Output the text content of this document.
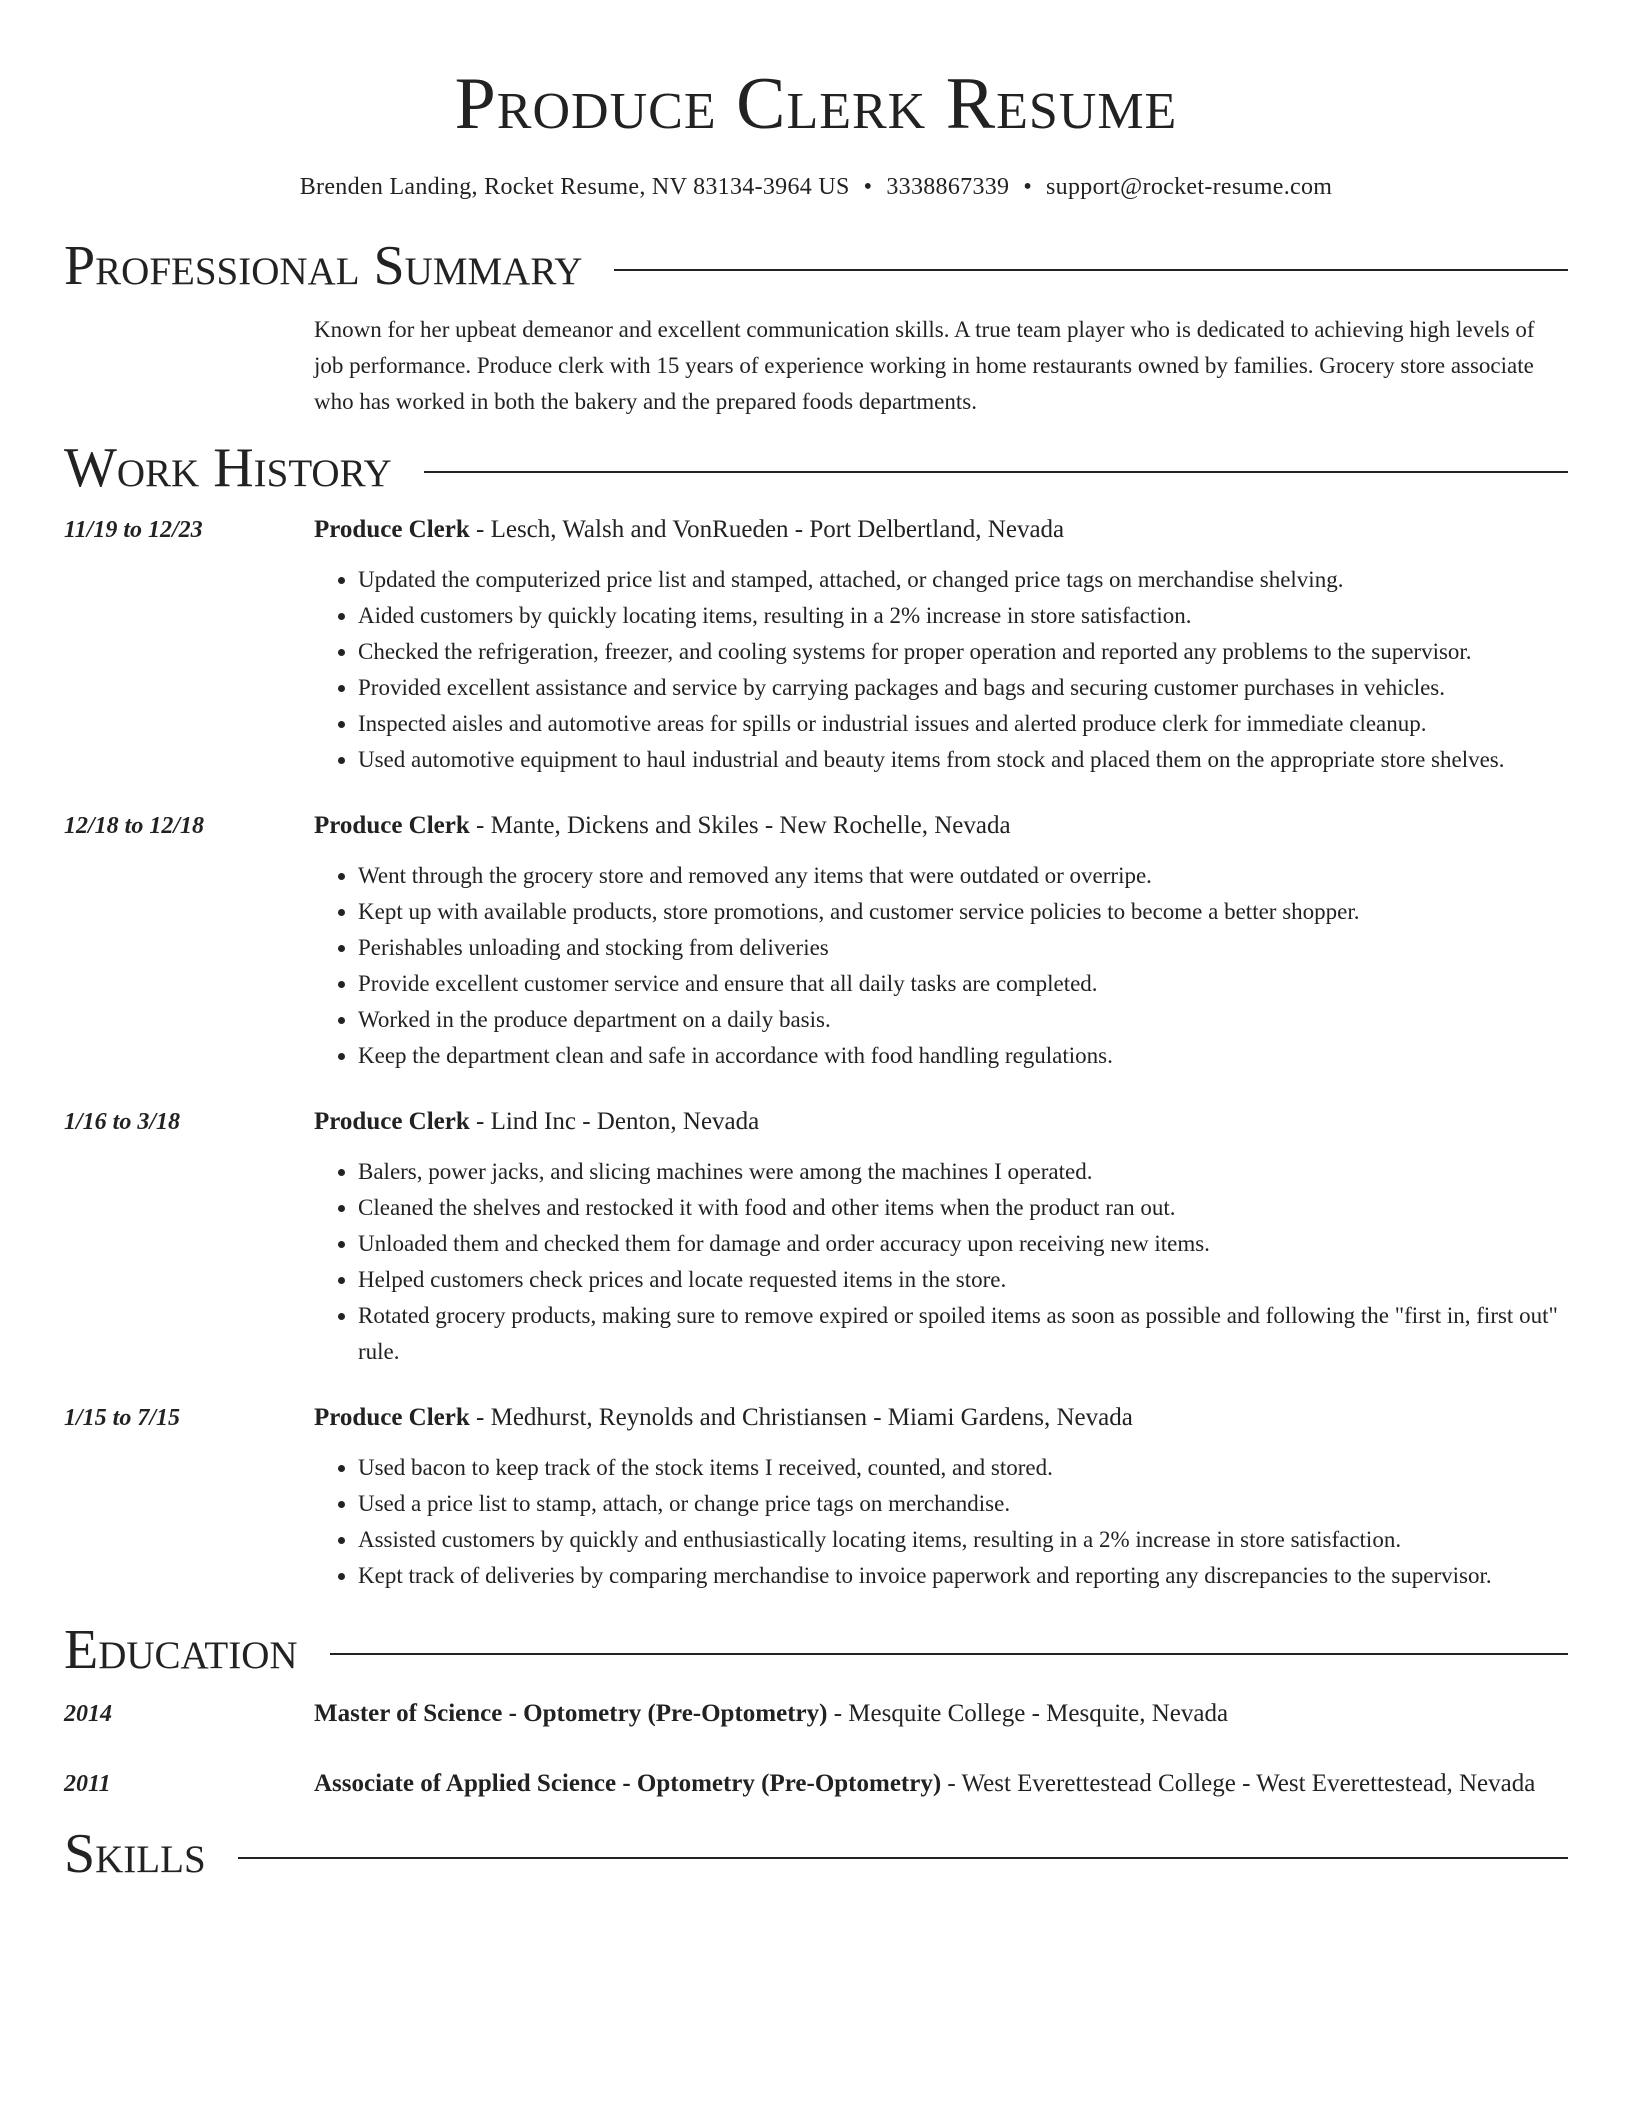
Produce Clerk Resume
Brenden Landing, Rocket Resume, NV 83134-3964 US • 3338867339 • support@rocket-resume.com
Professional Summary

Known for her upbeat demeanor and excellent communication skills. A true team player who is dedicated to achieving high levels of job performance. Produce clerk with 15 years of experience working in home restaurants owned by families. Grocery store associate who has worked in both the bakery and the prepared foods departments.

Work History
11/19 to 12/23	Produce Clerk - Lesch, Walsh and VonRueden - Port Delbertland, Nevada
• Updated the computerized price list and stamped, attached, or changed price tags on merchandise shelving.
• Aided customers by quickly locating items, resulting in a 2% increase in store satisfaction.
• Checked the refrigeration, freezer, and cooling systems for proper operation and reported any problems to the supervisor.
• Provided excellent assistance and service by carrying packages and bags and securing customer purchases in vehicles.
• Inspected aisles and automotive areas for spills or industrial issues and alerted produce clerk for immediate cleanup.
• Used automotive equipment to haul industrial and beauty items from stock and placed them on the appropriate store shelves.
12/18 to 12/18	Produce Clerk - Mante, Dickens and Skiles - New Rochelle, Nevada
• Went through the grocery store and removed any items that were outdated or overripe.
• Kept up with available products, store promotions, and customer service policies to become a better shopper.
• Perishables unloading and stocking from deliveries
• Provide excellent customer service and ensure that all daily tasks are completed.
• Worked in the produce department on a daily basis.
• Keep the department clean and safe in accordance with food handling regulations.
1/16 to 3/18	Produce Clerk - Lind Inc - Denton, Nevada
• Balers, power jacks, and slicing machines were among the machines I operated.
• Cleaned the shelves and restocked it with food and other items when the product ran out.
• Unloaded them and checked them for damage and order accuracy upon receiving new items.
• Helped customers check prices and locate requested items in the store.
• Rotated grocery products, making sure to remove expired or spoiled items as soon as possible and following the "first in, first out" rule.
1/15 to 7/15	Produce Clerk - Medhurst, Reynolds and Christiansen - Miami Gardens, Nevada
• Used bacon to keep track of the stock items I received, counted, and stored.
• Used a price list to stamp, attach, or change price tags on merchandise.
• Assisted customers by quickly and enthusiastically locating items, resulting in a 2% increase in store satisfaction.
• Kept track of deliveries by comparing merchandise to invoice paperwork and reporting any discrepancies to the supervisor.
Education
2014	Master of Science - Optometry (Pre-Optometry) - Mesquite College - Mesquite, Nevada
2011	Associate of Applied Science - Optometry (Pre-Optometry) - West Everettestead College - West Everettestead, Nevada
Skills
